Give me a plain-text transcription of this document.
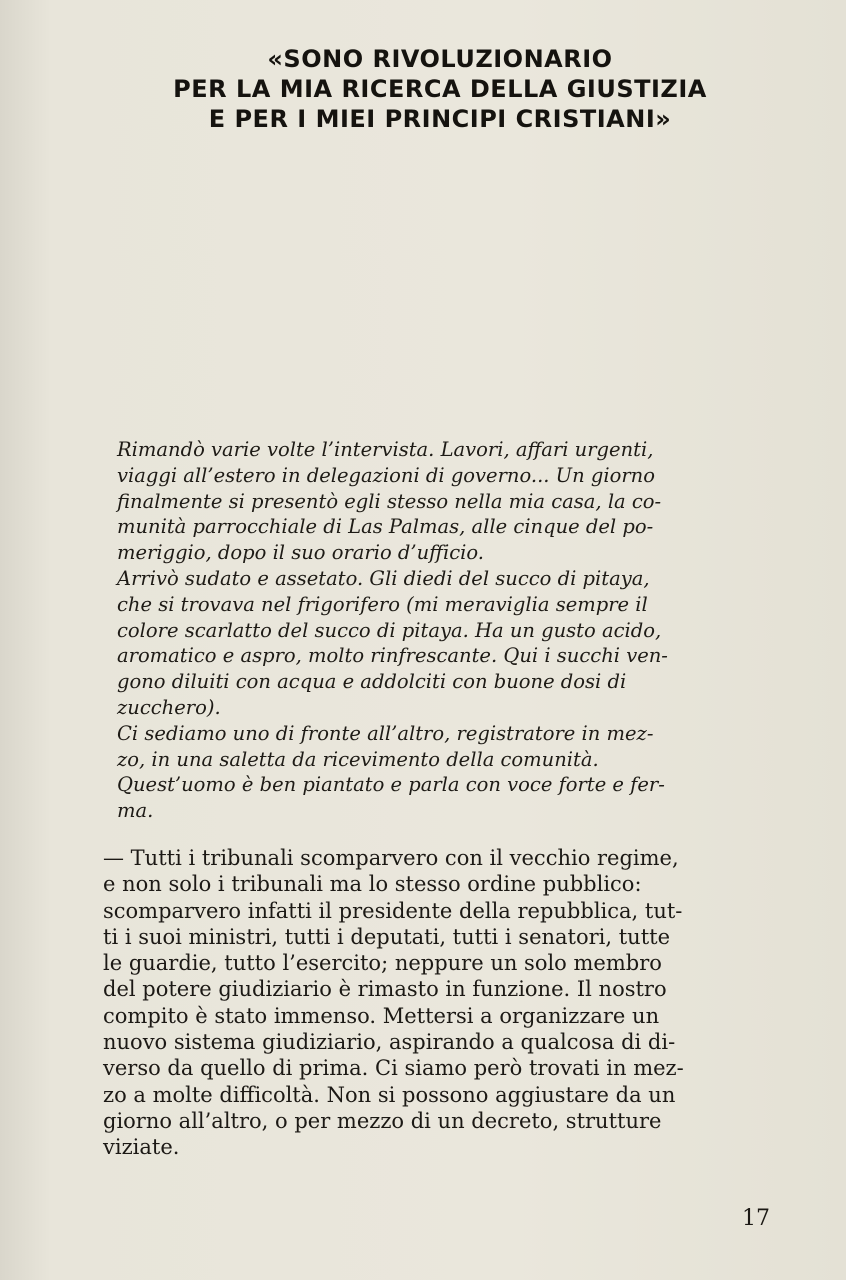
«SONO RIVOLUZIONARIO
PER LA MIA RICERCA DELLA GIUSTIZIA
E PER I MIEI PRINCIPI CRISTIANI»
Rimandò varie volte l’intervista. Lavori, affari urgenti,
viaggi all’estero in delegazioni di governo... Un giorno
finalmente si presentò egli stesso nella mia casa, la co-
munità parrocchiale di Las Palmas, alle cinque del po-
meriggio, dopo il suo orario d’ufficio.
Arrivò sudato e assetato. Gli diedi del succo di pitaya,
che si trovava nel frigorifero (mi meraviglia sempre il
colore scarlatto del succo di pitaya. Ha un gusto acido,
aromatico e aspro, molto rinfrescante. Qui i succhi ven-
gono diluiti con acqua e addolciti con buone dosi di
zucchero).
Ci sediamo uno di fronte all’altro, registratore in mez-
zo, in una saletta da ricevimento della comunità.
Quest’uomo è ben piantato e parla con voce forte e fer-
ma.
— Tutti i tribunali scomparvero con il vecchio regime,
e non solo i tribunali ma lo stesso ordine pubblico:
scomparvero infatti il presidente della repubblica, tut-
ti i suoi ministri, tutti i deputati, tutti i senatori, tutte
le guardie, tutto l’esercito; neppure un solo membro
del potere giudiziario è rimasto in funzione. Il nostro
compito è stato immenso. Mettersi a organizzare un
nuovo sistema giudiziario, aspirando a qualcosa di di-
verso da quello di prima. Ci siamo però trovati in mez-
zo a molte difficoltà. Non si possono aggiustare da un
giorno all’altro, o per mezzo di un decreto, strutture
viziate.
17
